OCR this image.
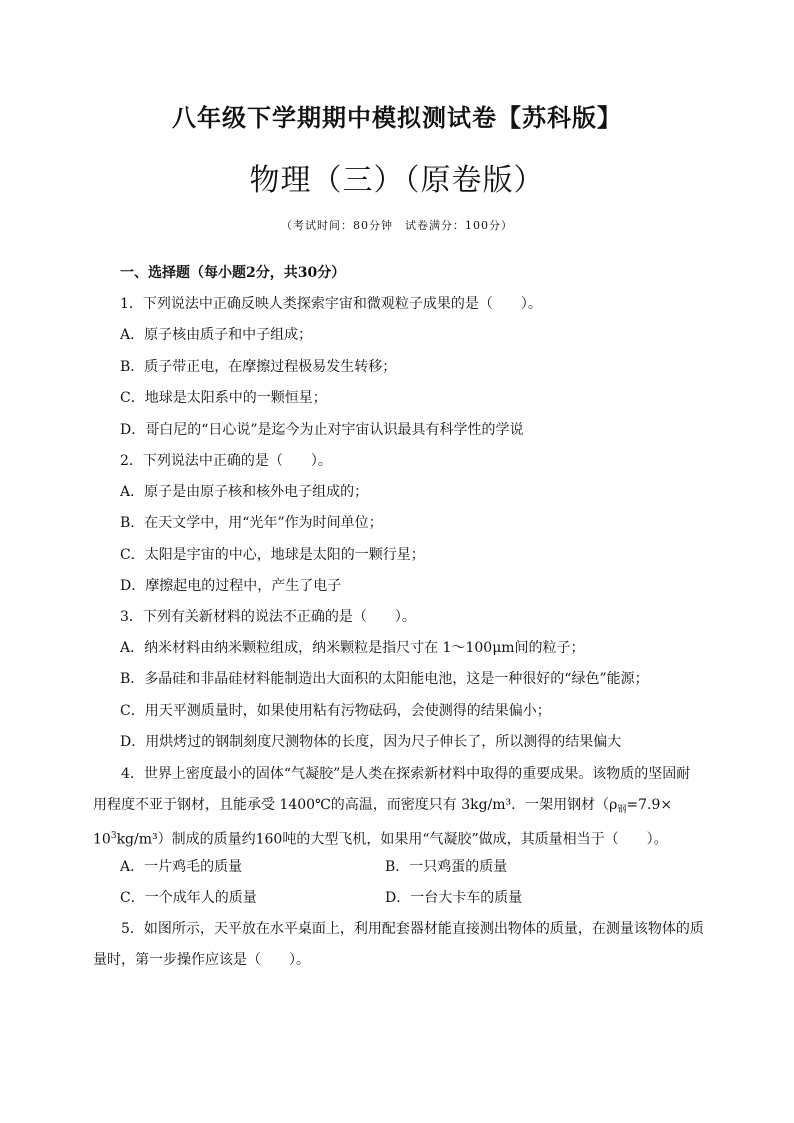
八年级下学期期中模拟测试卷【苏科版】
物理（三）（原卷版）
（考试时间：80分钟　试卷满分：100分）
一、选择题（每小题2分，共30分）
1．下列说法中正确反映人类探索宇宙和微观粒子成果的是（　　）。
A．原子核由质子和中子组成；
B．质子带正电，在摩擦过程极易发生转移；
C．地球是太阳系中的一颗恒星；
D．哥白尼的“日心说”是迄今为止对宇宙认识最具有科学性的学说
2．下列说法中正确的是（　　）。
A．原子是由原子核和核外电子组成的；
B．在天文学中，用“光年”作为时间单位；
C．太阳是宇宙的中心，地球是太阳的一颗行星；
D．摩擦起电的过程中，产生了电子
3．下列有关新材料的说法不正确的是（　　）。
A．纳米材料由纳米颗粒组成，纳米颗粒是指尺寸在 1～100μm间的粒子；
B．多晶硅和非晶硅材料能制造出大面积的太阳能电池，这是一种很好的“绿色”能源；
C．用天平测质量时，如果使用粘有污物砝码，会使测得的结果偏小；
D．用烘烤过的钢制刻度尺测物体的长度，因为尺子伸长了，所以测得的结果偏大
　　4．世界上密度最小的固体“气凝胶”是人类在探索新材料中取得的重要成果。该物质的坚固耐
用程度不亚于钢材，且能承受 1400℃的高温，而密度只有 3kg/m³．一架用钢材（$\rho_钢=7.9\times$
$10^3kg/m^3$）制成的质量约160吨的大型飞机，如果用“气凝胶”做成，其质量相当于（　　）。
A．一片鸡毛的质量	B．一只鸡蛋的质量
C．一个成年人的质量	D．一台大卡车的质量
　　5．如图所示，天平放在水平桌面上，利用配套器材能直接测出物体的质量，在测量该物体的质
量时，第一步操作应该是（　　）。
